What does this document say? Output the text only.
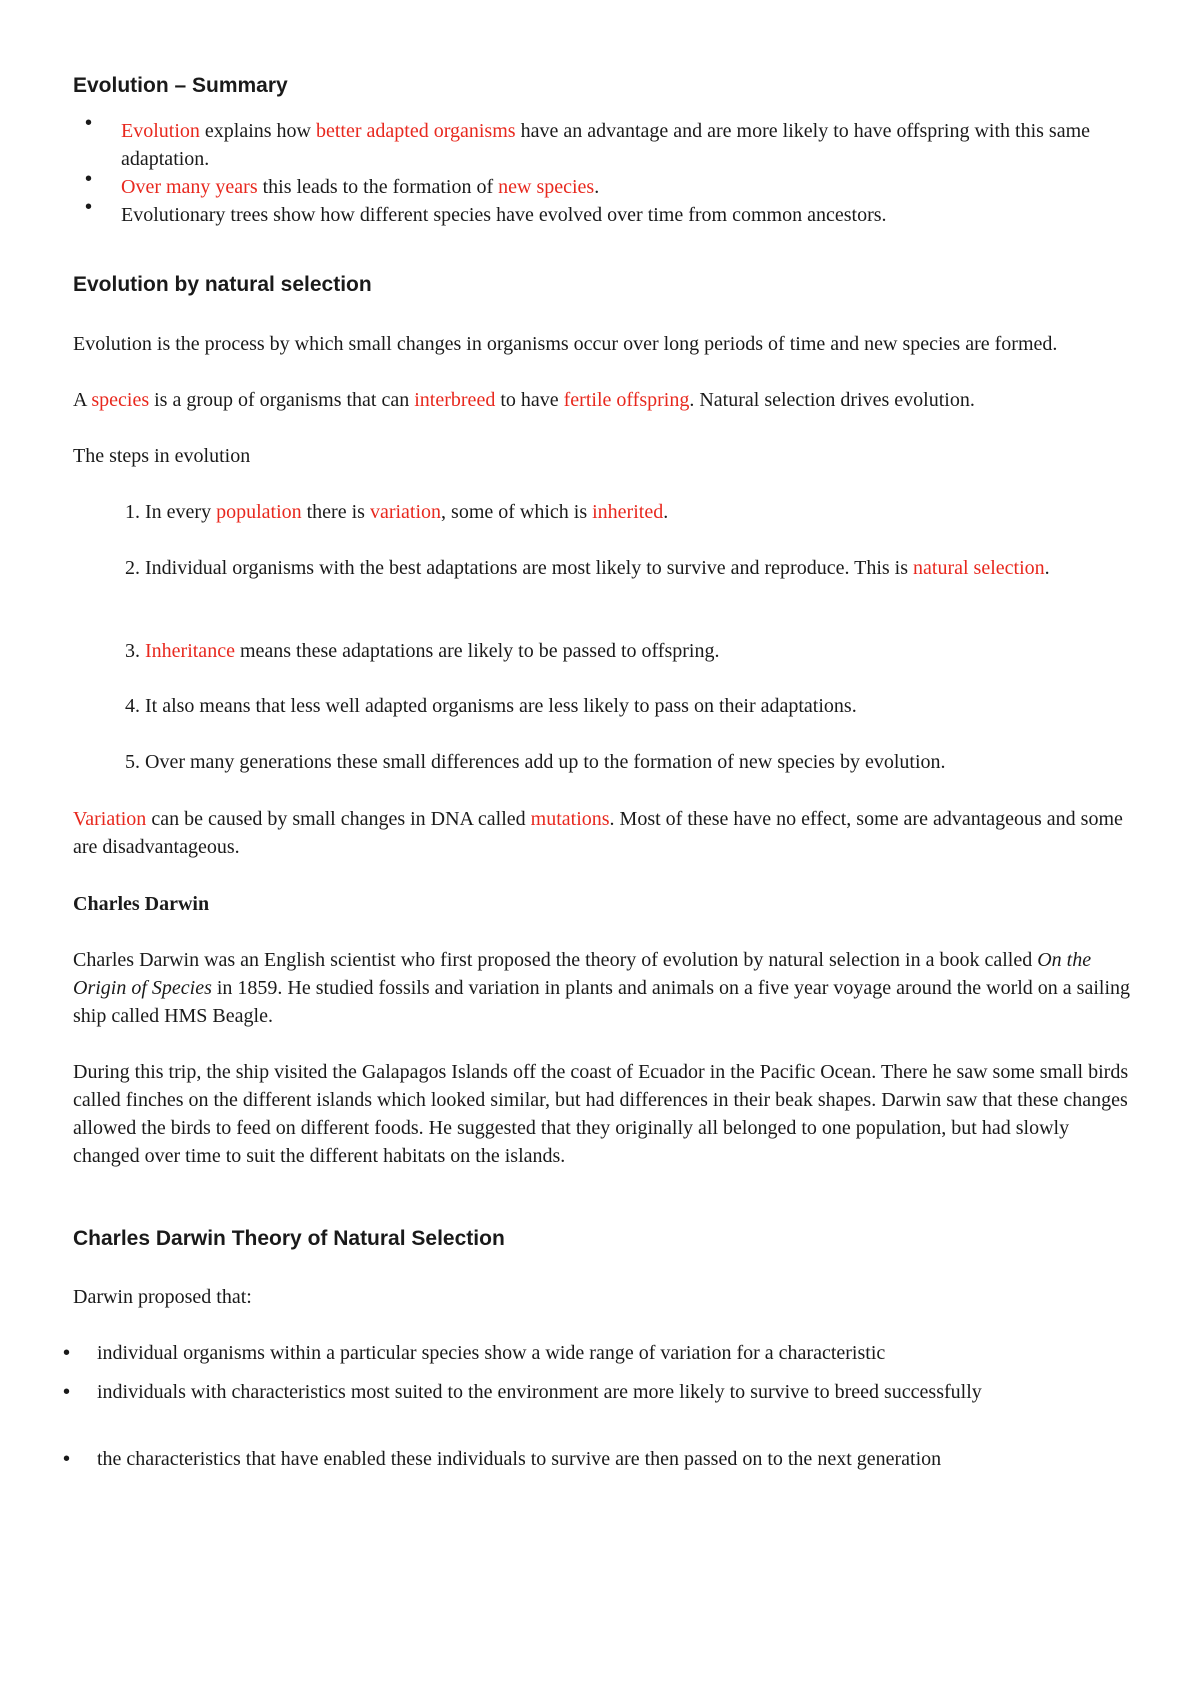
Evolution – Summary
• Evolution explains how better adapted organisms have an advantage and are more likely to have offspring with this same adaptation.
• Over many years this leads to the formation of new species.
• Evolutionary trees show how different species have evolved over time from common ancestors.
Evolution by natural selection

Evolution is the process by which small changes in organisms occur over long periods of time and new species are formed.

A species is a group of organisms that can interbreed to have fertile offspring. Natural selection drives evolution.

The steps in evolution

1. In every population there is variation, some of which is inherited.
2. Individual organisms with the best adaptations are most likely to survive and reproduce. This is natural selection.
3. Inheritance means these adaptations are likely to be passed to offspring.
4. It also means that less well adapted organisms are less likely to pass on their adaptations.
5. Over many generations these small differences add up to the formation of new species by evolution.

Variation can be caused by small changes in DNA called mutations. Most of these have no effect, some are advantageous and some are disadvantageous.

Charles Darwin

Charles Darwin was an English scientist who first proposed the theory of evolution by natural selection in a book called On the Origin of Species in 1859. He studied fossils and variation in plants and animals on a five year voyage around the world on a sailing ship called HMS Beagle.

During this trip, the ship visited the Galapagos Islands off the coast of Ecuador in the Pacific Ocean. There he saw some small birds called finches on the different islands which looked similar, but had differences in their beak shapes. Darwin saw that these changes allowed the birds to feed on different foods. He suggested that they originally all belonged to one population, but had slowly changed over time to suit the different habitats on the islands.

Charles Darwin Theory of Natural Selection

Darwin proposed that:

• individual organisms within a particular species show a wide range of variation for a characteristic
• individuals with characteristics most suited to the environment are more likely to survive to breed successfully
• the characteristics that have enabled these individuals to survive are then passed on to the next generation
